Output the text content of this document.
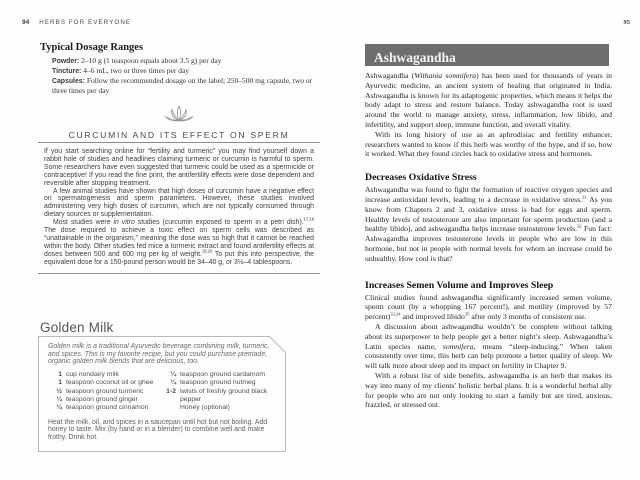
94 HERBS FOR EVERYONE	95
Typical Dosage Ranges
Powder: 2–10 g (1 teaspoon equals about 3.5 g) per day
Tincture: 4–6 mL, two or three times per day
Capsules: Follow the recommended dosage on the label; 250–500 mg capsule, two or three times per day
CURCUMIN AND ITS EFFECT ON SPERM

If you start searching online for “fertility and turmeric” you may find yourself down a rabbit hole of studies and headlines claiming turmeric or curcumin is harmful to sperm. Some researchers have even suggested that turmeric could be used as a spermicide or contraceptive! If you read the fine print, the antifertility effects were dose dependent and reversible after stopping treatment.

A few animal studies have shown that high doses of curcumin have a negative effect on spermatogenesis and sperm parameters. However, these studies involved administering very high doses of curcumin, which are not typically consumed through dietary sources or supplementation.

Most studies were in vitro studies (curcumin exposed to sperm in a petri dish).$^{17,18}$ The dose required to achieve a toxic effect on sperm cells was described as “unattainable in the organism,” meaning the dose was so high that it cannot be reached within the body. Other studies fed mice a turmeric extract and found antifertility effects at doses between 500 and 600 mg per kg of weight.$^{19,20}$ To put this into perspective, the equivalent dose for a 150-pound person would be 34–40 g, or 3½–4 tablespoons.

Golden Milk

Golden milk is a traditional Ayurvedic beverage combining milk, turmeric, and spices. This is my favorite recipe, but you could purchase premade, organic golden milk blends that are delicious, too.

1 cup nondairy milk
1 teaspoon coconut oil or ghee
½ teaspoon ground turmeric
¼ teaspoon ground ginger
¼ teaspoon ground cinnamon
¼ teaspoon ground cardamom
¼ teaspoon ground nutmeg
1-2 twists of freshly ground black pepper
Honey (optional)

Heat the milk, oil, and spices in a saucepan until hot but not boiling. Add honey to taste. Mix (by hand or in a blender) to combine well and make frothy. Drink hot.

Ashwagandha

Ashwagandha (Withania somnifera) has been used for thousands of years in Ayurvedic medicine, an ancient system of healing that originated in India. Ashwagandha is known for its adaptogenic properties, which means it helps the body adapt to stress and restore balance. Today ashwagandha root is used around the world to manage anxiety, stress, inflammation, low libido, and infertility, and support sleep, immune function, and overall vitality.

With its long history of use as an aphrodisiac and fertility enhancer, researchers wanted to know if this herb was worthy of the hype, and if so, how it worked. What they found circles back to oxidative stress and hormones.

Decreases Oxidative Stress

Ashwagandha was found to fight the formation of reactive oxygen species and increase antioxidant levels, leading to a decrease in oxidative stress.$^{31}$ As you know from Chapters 2 and 3, oxidative stress is bad for eggs and sperm. Healthy levels of testosterone are also important for sperm production (and a healthy libido), and ashwagandha helps increase testosterone levels.$^{32}$ Fun fact: Ashwagandha improves testosterone levels in people who are low in this hormone, but not in people with normal levels for whom an increase could be unhealthy. How cool is that?

Increases Semen Volume and Improves Sleep

Clinical studies found ashwagandha significantly increased semen volume, sperm count (by a whopping 167 percent!), and motility (improved by 57 percent)$^{33,34}$ and improved libido$^{35}$ after only 3 months of consistent use.

A discussion about ashwagandha wouldn’t be complete without talking about its superpower to help people get a better night’s sleep. Ashwagandha’s Latin species name, somnifera, means “sleep-inducing.” When taken consistently over time, this herb can help promote a better quality of sleep. We will talk more about sleep and its impact on fertility in Chapter 9.

With a robust list of side benefits, ashwagandha is an herb that makes its way into many of my clients’ holistic herbal plans. It is a wonderful herbal ally for people who are not only looking to start a family but are tired, anxious, frazzled, or stressed out.
